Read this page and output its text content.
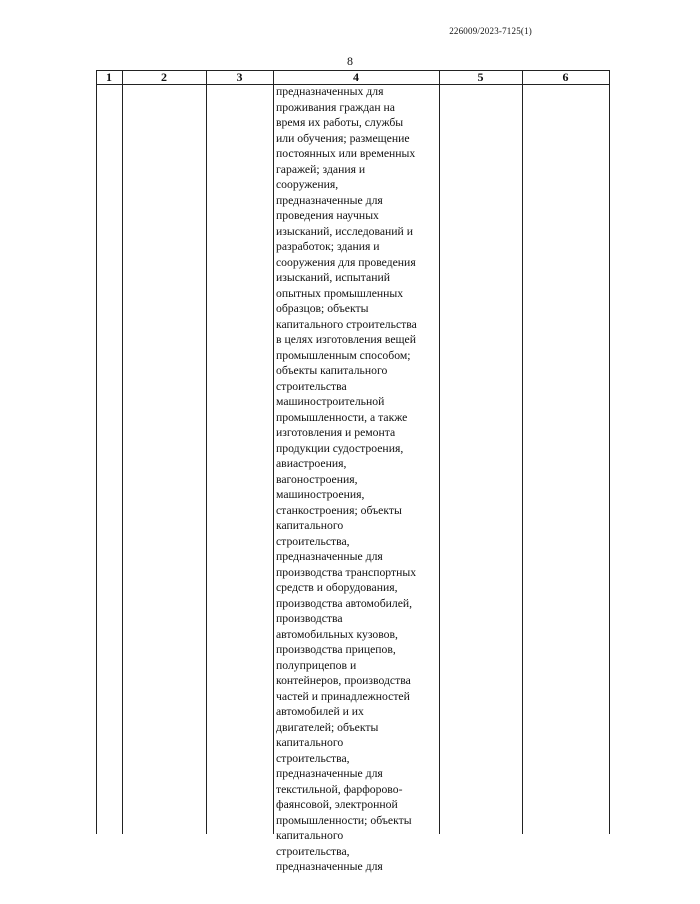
226009/2023-7125(1)
8
1	2	3	4	5	6
предназначенных для
проживания граждан на
время их работы, службы
или обучения; размещение
постоянных или временных
гаражей; здания и
сооружения,
предназначенные для
проведения научных
изысканий, исследований и
разработок; здания и
сооружения для проведения
изысканий, испытаний
опытных промышленных
образцов; объекты
капитального строительства
в целях изготовления вещей
промышленным способом;
объекты капитального
строительства
машиностроительной
промышленности, а также
изготовления и ремонта
продукции судостроения,
авиастроения,
вагоностроения,
машиностроения,
станкостроения; объекты
капитального
строительства,
предназначенные для
производства транспортных
средств и оборудования,
производства автомобилей,
производства
автомобильных кузовов,
производства прицепов,
полуприцепов и
контейнеров, производства
частей и принадлежностей
автомобилей и их
двигателей; объекты
капитального
строительства,
предназначенные для
текстильной, фарфорово-
фаянсовой, электронной
промышленности; объекты
капитального
строительства,
предназначенные для
